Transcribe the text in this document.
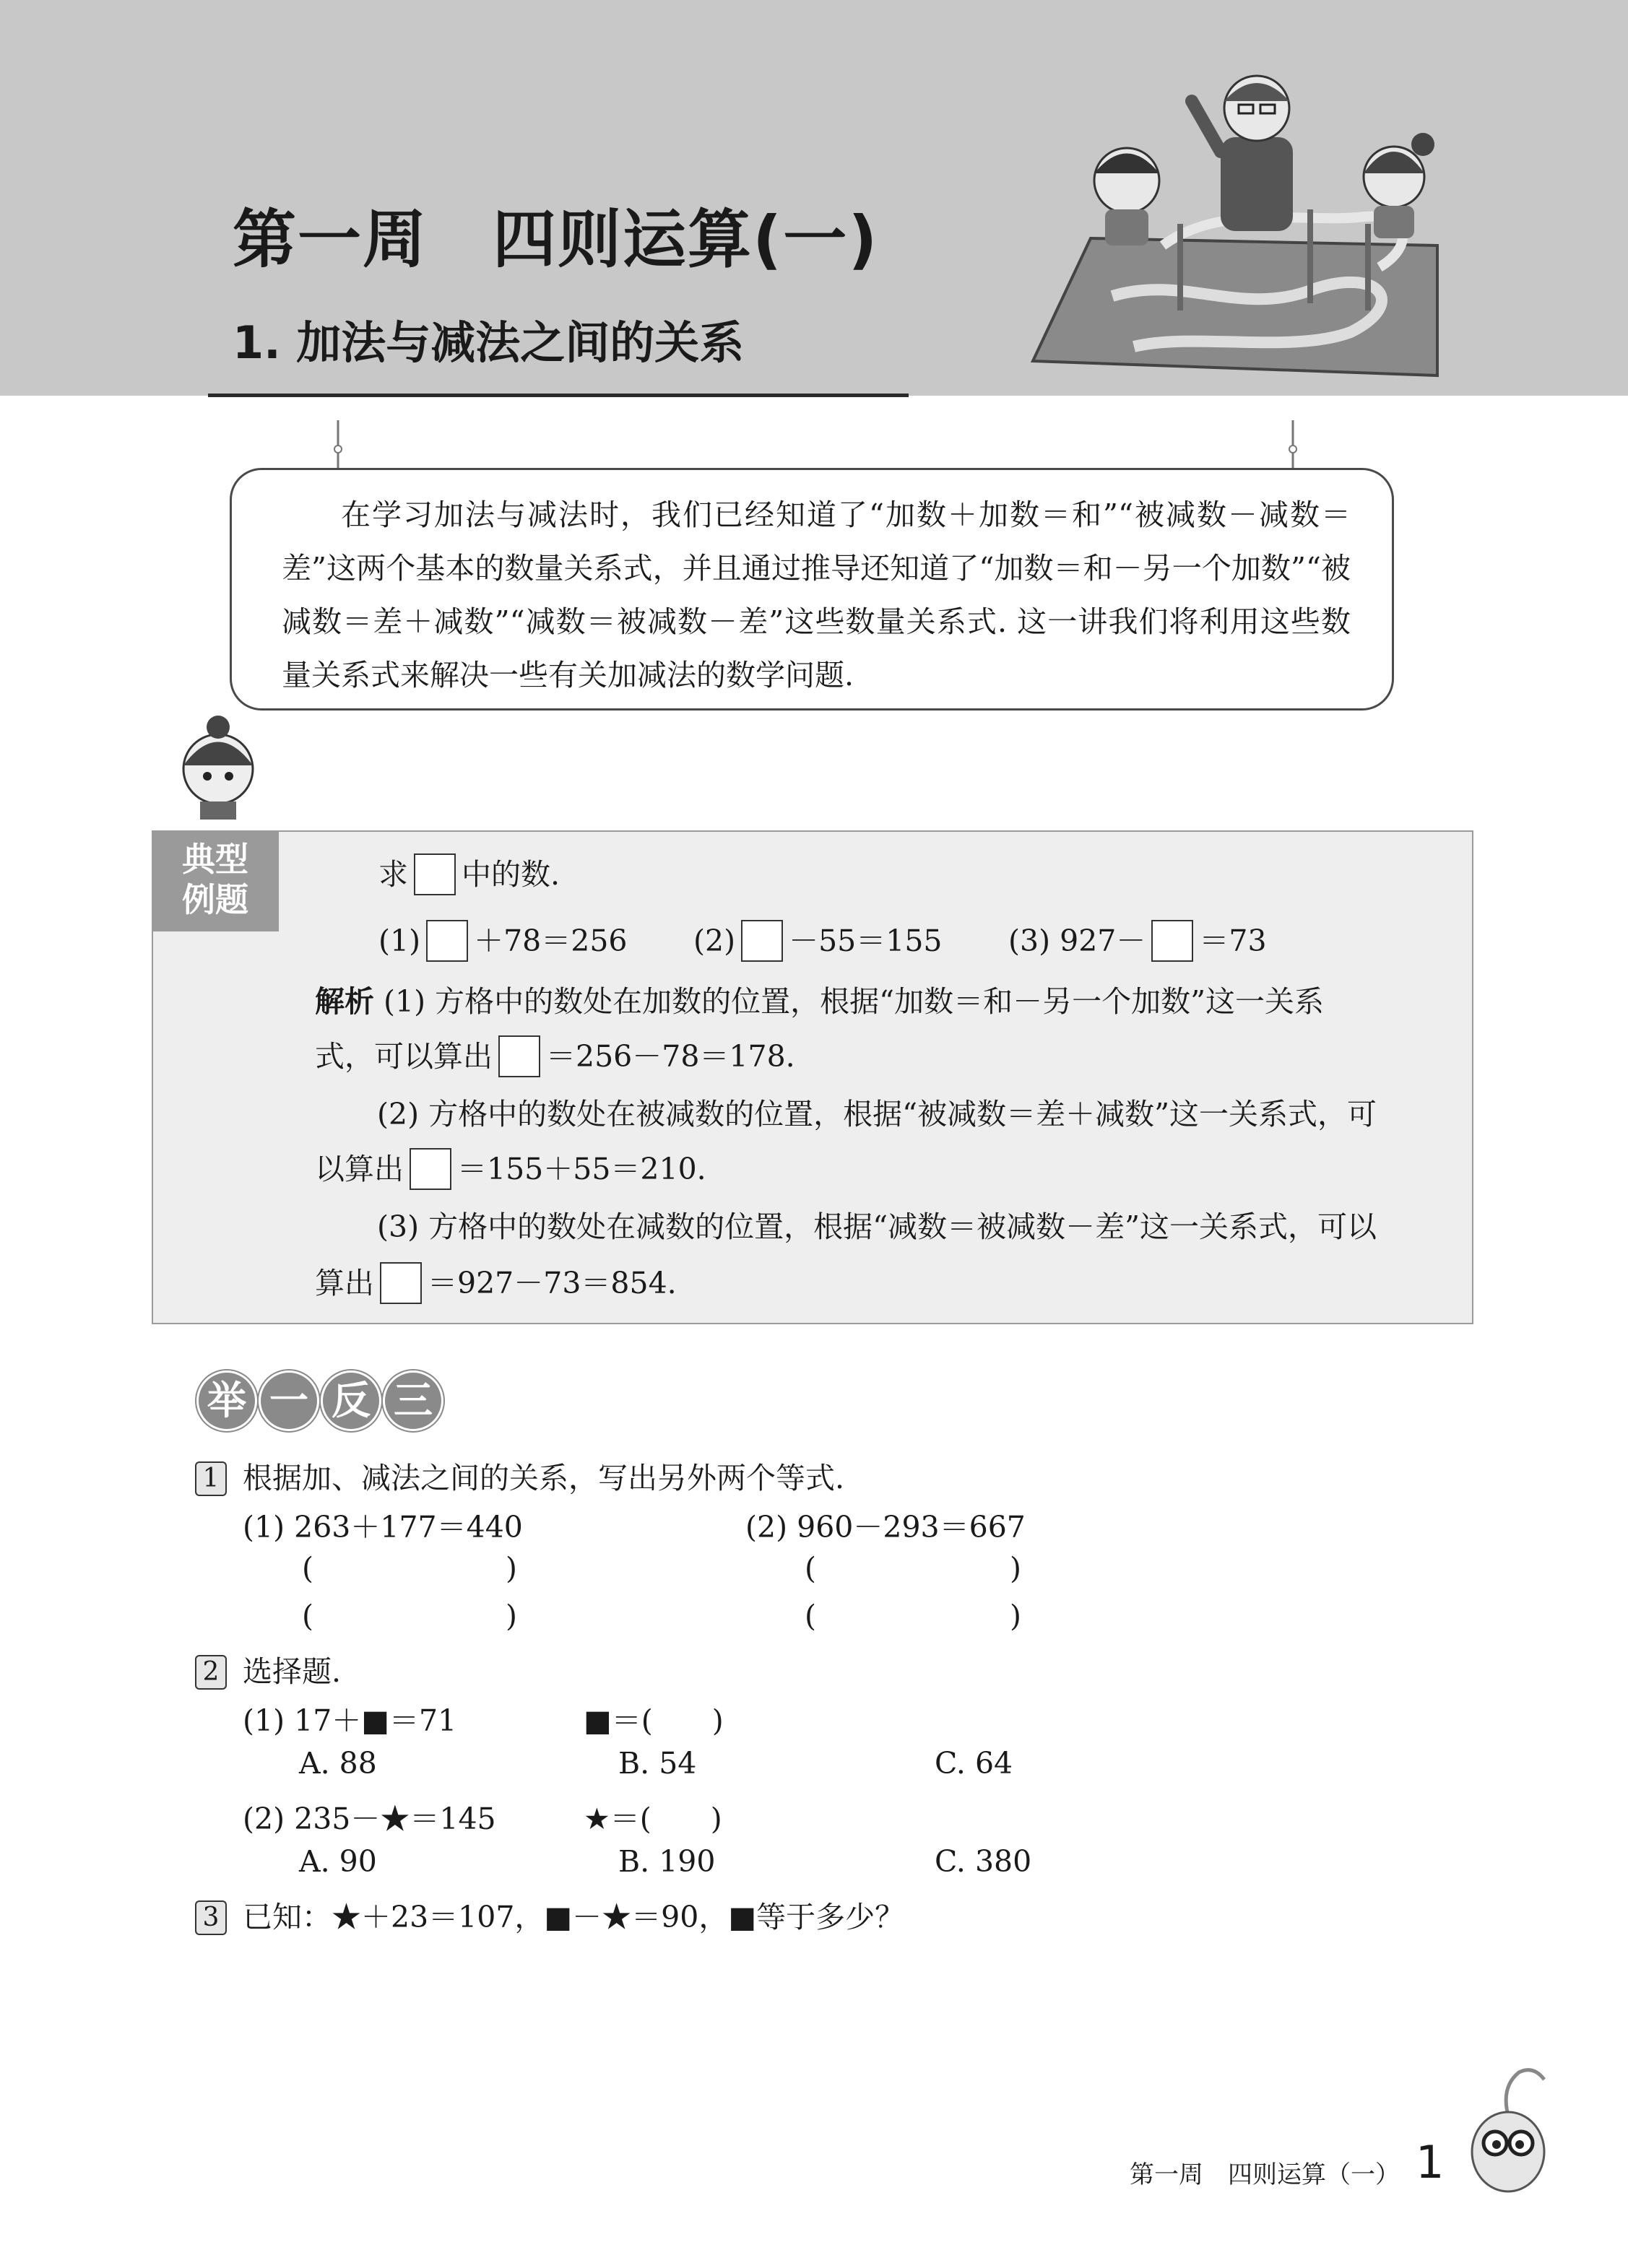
第一周　四则运算(一)
1. 加法与减法之间的关系

在学习加法与减法时，我们已经知道了“加数＋加数＝和”“被减数－减数＝差”这两个基本的数量关系式，并且通过推导还知道了“加数＝和－另一个加数”“被减数＝差＋减数”“减数＝被减数－差”这些数量关系式. 这一讲我们将利用这些数量关系式来解决一些有关加减法的数学问题.

典型
例题
求 中的数.
(1) ＋78＝256 (2) －55＝155 (3) 927－ ＝73
解析 (1) 方格中的数处在加数的位置，根据“加数＝和－另一个加数”这一关系
式，可以算出 ＝256－78＝178.
(2) 方格中的数处在被减数的位置，根据“被减数＝差＋减数”这一关系式，可
以算出 ＝155＋55＝210.
(3) 方格中的数处在减数的位置，根据“减数＝被减数－差”这一关系式，可以
算出 ＝927－73＝854.
举 一 反 三
1 根据加、减法之间的关系，写出另外两个等式.
(1) 263＋177＝440	(2) 960－293＝667
(	)	(	)
(	)	(	)
2 选择题.
(1) 17＋■＝71	■＝(　　)
A. 88	B. 54	C. 64
(2) 235－★＝145	★＝(　　)
A. 90	B. 190	C. 380
3 已知：★＋23＝107，■－★＝90，■等于多少？
第一周　四则运算（一） 1
